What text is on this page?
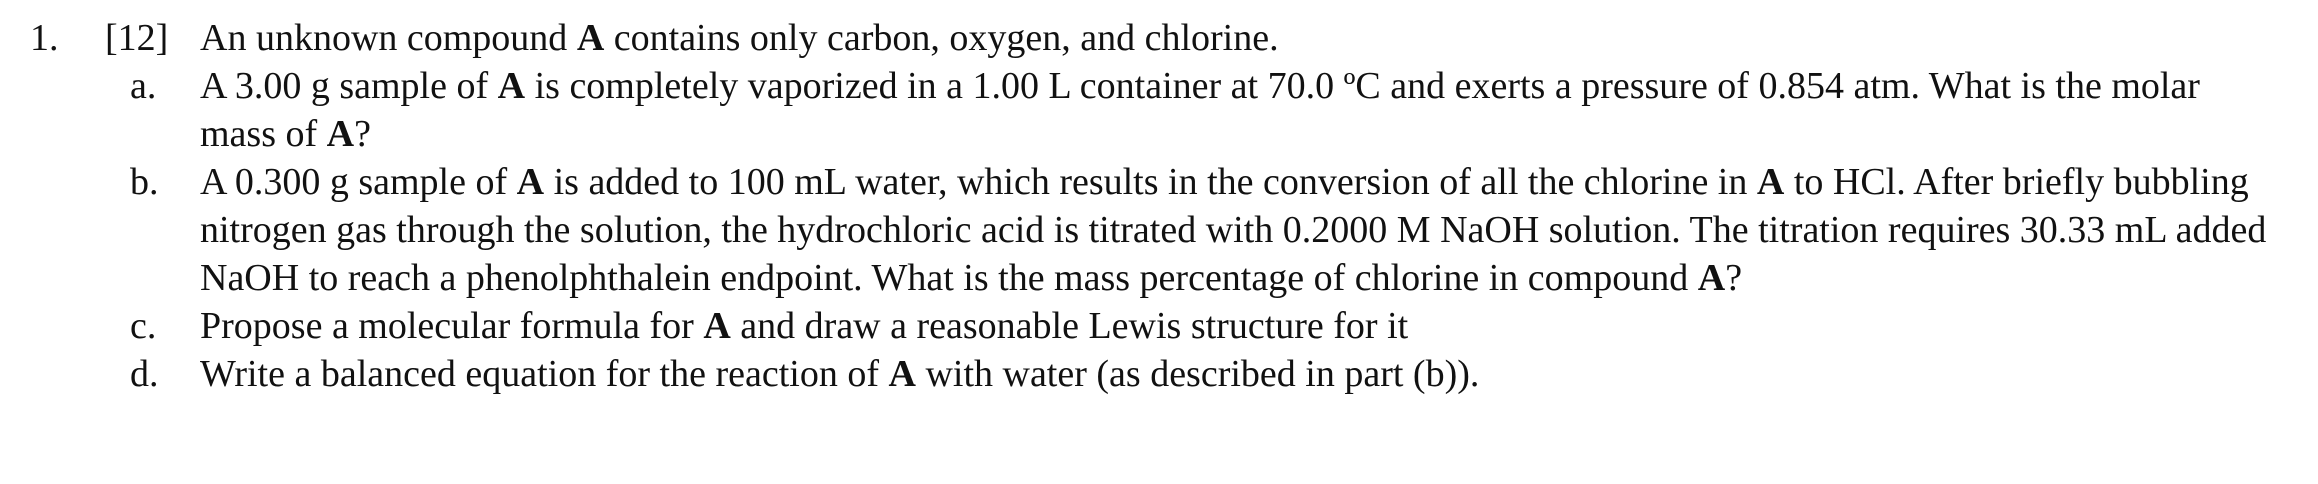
1. [12] An unknown compound A contains only carbon, oxygen, and chlorine.
a. A 3.00 g sample of A is completely vaporized in a 1.00 L container at 70.0 ºC and exerts a pressure of 0.854 atm. What is the molar mass of A?
b. A 0.300 g sample of A is added to 100 mL water, which results in the conversion of all the chlorine in A to HCl. After briefly bubbling nitrogen gas through the solution, the hydrochloric acid is titrated with 0.2000 M NaOH solution. The titration requires 30.33 mL added NaOH to reach a phenolphthalein endpoint. What is the mass percentage of chlorine in compound A?
c. Propose a molecular formula for A and draw a reasonable Lewis structure for it
d. Write a balanced equation for the reaction of A with water (as described in part (b)).
